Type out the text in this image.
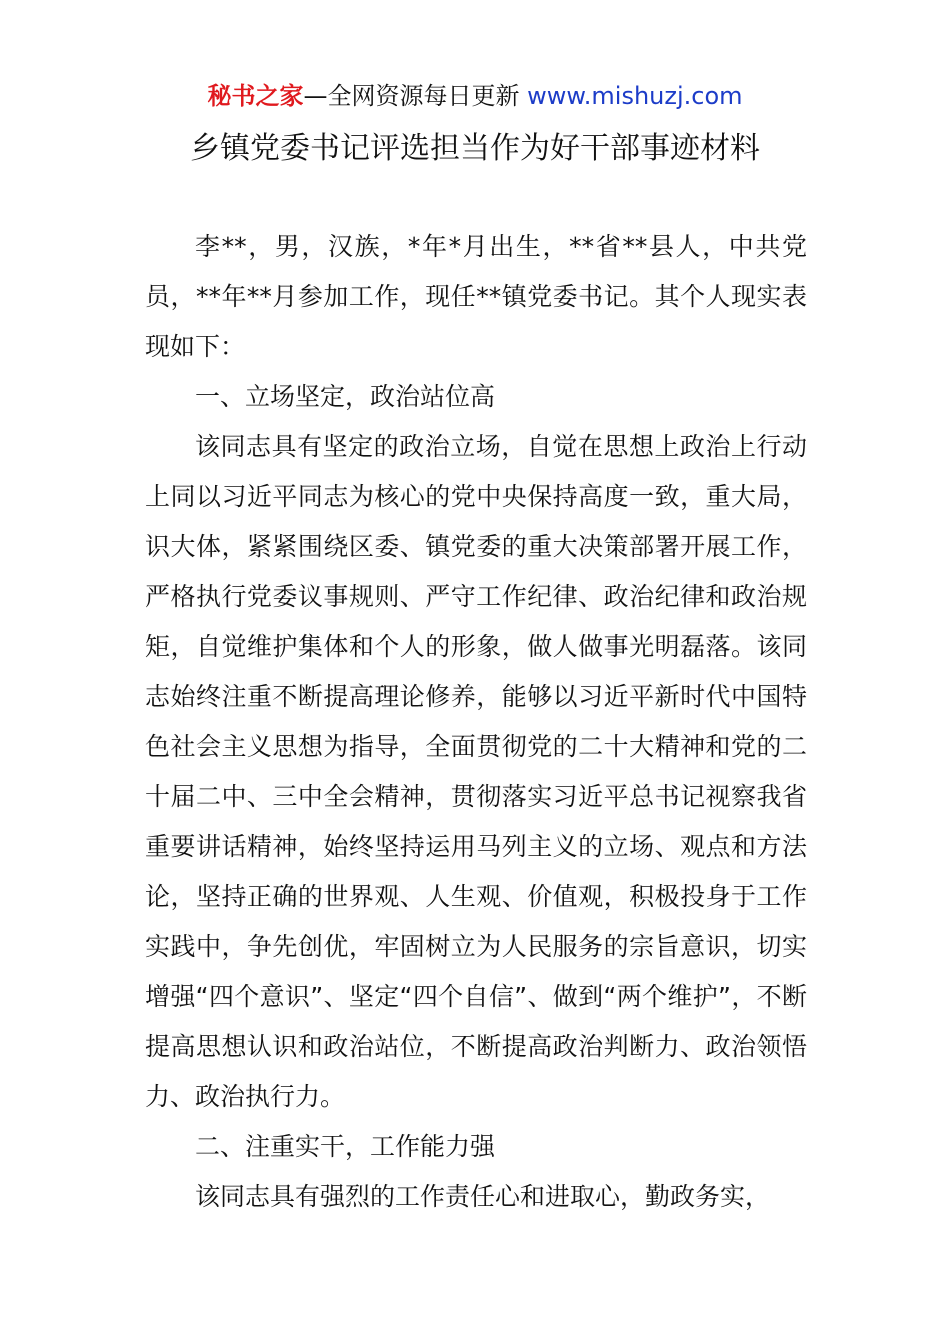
秘书之家—全网资源每日更新 www.mishuzj.com
乡镇党委书记评选担当作为好干部事迹材料

李**，男，汉族，*年*月出生，**省**县人，中共党员，**年**月参加工作，现任**镇党委书记。其个人现实表现如下：

一、立场坚定，政治站位高

该同志具有坚定的政治立场，自觉在思想上政治上行动上同以习近平同志为核心的党中央保持高度一致，重大局，识大体，紧紧围绕区委、镇党委的重大决策部署开展工作，严格执行党委议事规则、严守工作纪律、政治纪律和政治规矩，自觉维护集体和个人的形象，做人做事光明磊落。该同志始终注重不断提高理论修养，能够以习近平新时代中国特色社会主义思想为指导，全面贯彻党的二十大精神和党的二十届二中、三中全会精神，贯彻落实习近平总书记视察我省重要讲话精神，始终坚持运用马列主义的立场、观点和方法论，坚持正确的世界观、人生观、价值观，积极投身于工作实践中，争先创优，牢固树立为人民服务的宗旨意识，切实增强“四个意识”、坚定“四个自信”、做到“两个维护”，不断提高思想认识和政治站位，不断提高政治判断力、政治领悟力、政治执行力。

二、注重实干，工作能力强

该同志具有强烈的工作责任心和进取心，勤政务实，
